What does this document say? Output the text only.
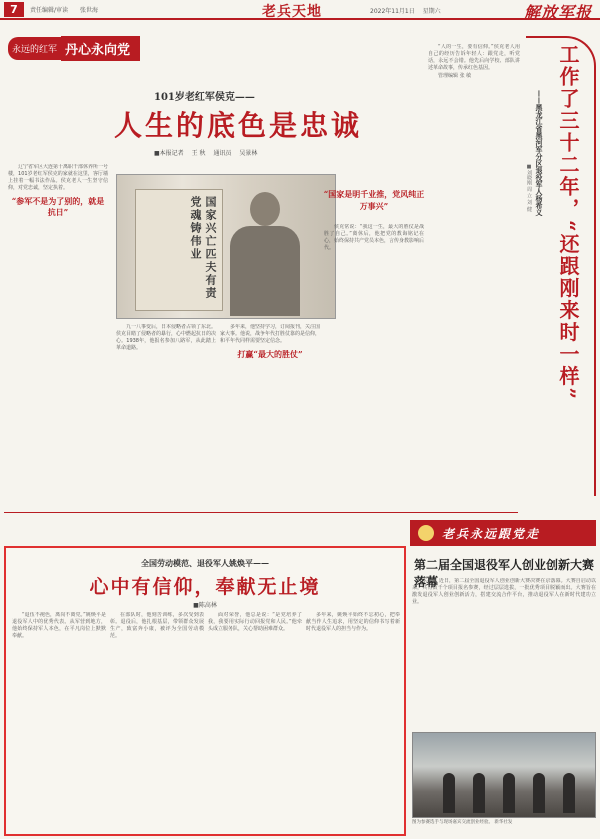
7	责任编辑/审读 张世海	老兵天地	2022年11月1日 星期六	解放军报
永远的红军 丹心永向党
101岁老红军侯克——
人生的底色是忠诚
■本报记者 王 秋 通讯员 吴景林
国家兴亡匹夫有责 党魂铸伟业
“国家是明千业推，党风纯正万事兴”

辽宁省军区大连第十离职干部休养所一号楼，101岁老红军侯克的家就在这里，客厅墙上挂着一幅书法作品。侯克老人一生坚守信仰，对党忠诚，坚定执着。

“参军不是为了别的，就是抗日”

九一八事变后，日本侵略者占领了东北。侯克目睹了侵略者的暴行，心中燃起抗日的决心。1938年，他报名参加八路军，从此踏上革命道路。

多年来，他坚持学习，订阅报刊，关注国家大事。他说，战争年代打胜仗靠的是信仰，和平年代同样需要坚定信念。

打赢“最大的胜仗”

侯克常说：“我这一生，最大的胜仗是战胜了自己。”离休后，他把党的教诲铭记在心，始终保持共产党员本色，言传身教影响后代。

“人的一生，要有信仰。”侯克老人用自己的经历告诉年轻人：跟党走，听党话，永远不会错。他先后向学校、部队讲述革命故事，传承红色基因。

管理编辑 张 敏

全国劳动模范、退役军人姚焕平——
心中有信仰，奉献无止境
■陈高林

“退伍不褪色，离岗不离党。”姚焕平是退役军人中的优秀代表。从军营到地方，他始终保持军人本色，在平凡岗位上默默奉献。

在部队时，他刻苦训练，多次受到表彰。退役后，他扎根基层，带领群众发展生产，致富奔小康，被评为全国劳动模范。

面对荣誉，他总是说：“是党培养了我，我要用实际行动回报党和人民。”他牵头成立服务队，关心帮助困难群众。

多年来，姚焕平始终不忘初心，把奉献当作人生追求，用坚定的信仰书写着新时代退役军人的担当与作为。

工作了三十二年，“还跟刚来时一样”
——黑龙江省黑河军分区退役军人杨希义
■刘晓刚 周 立 刘 健
老兵永远跟党走
第二届全国退役军人创业创新大赛落幕

本报讯 近日，第二届全国退役军人创业创新大赛决赛在京落幕。大赛自启动以来，共有数千个项目报名参赛，经过层层选拔，一批优秀项目脱颖而出。大赛旨在激发退役军人创业创新活力，搭建交流合作平台，推动退役军人在新时代建功立业。

图为参赛选手与现场嘉宾交流创业经验。 新华社发
